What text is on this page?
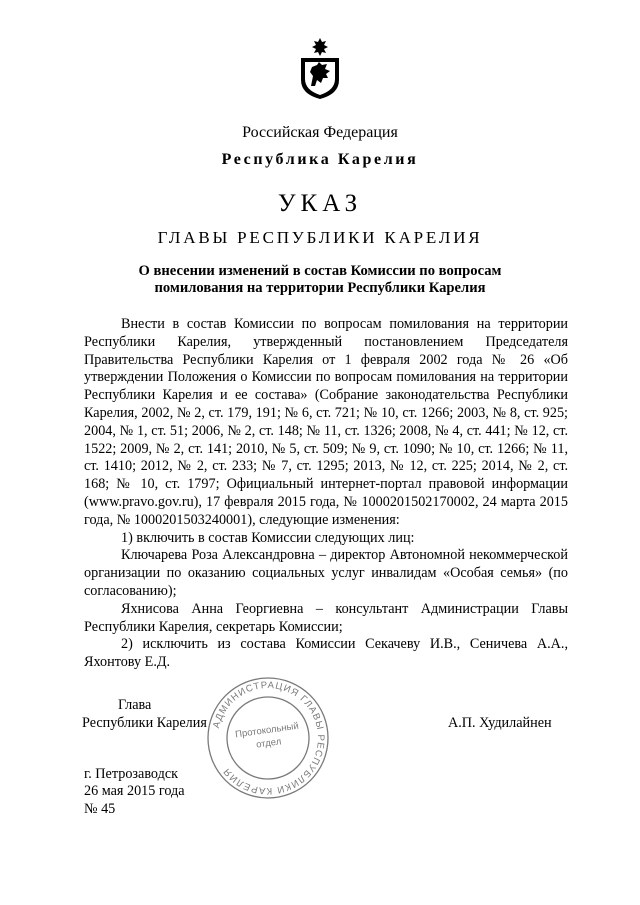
Российская Федерация
Республика Карелия
УКАЗ
ГЛАВЫ РЕСПУБЛИКИ КАРЕЛИЯ
О внесении изменений в состав Комиссии по вопросам
помилования на территории Республики Карелия

Внести в состав Комиссии по вопросам помилования на территории Республики Карелия, утвержденный постановлением Председателя Правительства Республики Карелия от 1 февраля 2002 года № 26 «Об утверждении Положения о Комиссии по вопросам помилования на территории Республики Карелия и ее состава» (Собрание законодательства Республики Карелия, 2002, № 2, ст. 179, 191; № 6, ст. 721; № 10, ст. 1266; 2003, № 8, ст. 925; 2004, № 1, ст. 51; 2006, № 2, ст. 148; № 11, ст. 1326; 2008, № 4, ст. 441; № 12, ст. 1522; 2009, № 2, ст. 141; 2010, № 5, ст. 509; № 9, ст. 1090; № 10, ст. 1266; № 11, ст. 1410; 2012, № 2, ст. 233; № 7, ст. 1295; 2013, № 12, ст. 225; 2014, № 2, ст. 168; № 10, ст. 1797; Официальный интернет-портал правовой информации (www.pravo.gov.ru), 17 февраля 2015 года, № 1000201502170002, 24 марта 2015 года, № 1000201503240001), следующие изменения:

1) включить в состав Комиссии следующих лиц:

Ключарева Роза Александровна – директор Автономной некоммерческой организации по оказанию социальных услуг инвалидам «Особая семья» (по согласованию);

Яхнисова Анна Георгиевна – консультант Администрации Главы Республики Карелия, секретарь Комиссии;

2) исключить из состава Комиссии Секачеву И.В., Сеничева А.А., Яхонтову Е.Д.

Глава
Республики Карелия	А.П. Худилайнен
АДМИНИСТРАЦИЯ ГЛАВЫ РЕСПУБЛИКИ КАРЕЛИЯ
Протокольный
отдел
г. Петрозаводск
26 мая 2015 года
№ 45
